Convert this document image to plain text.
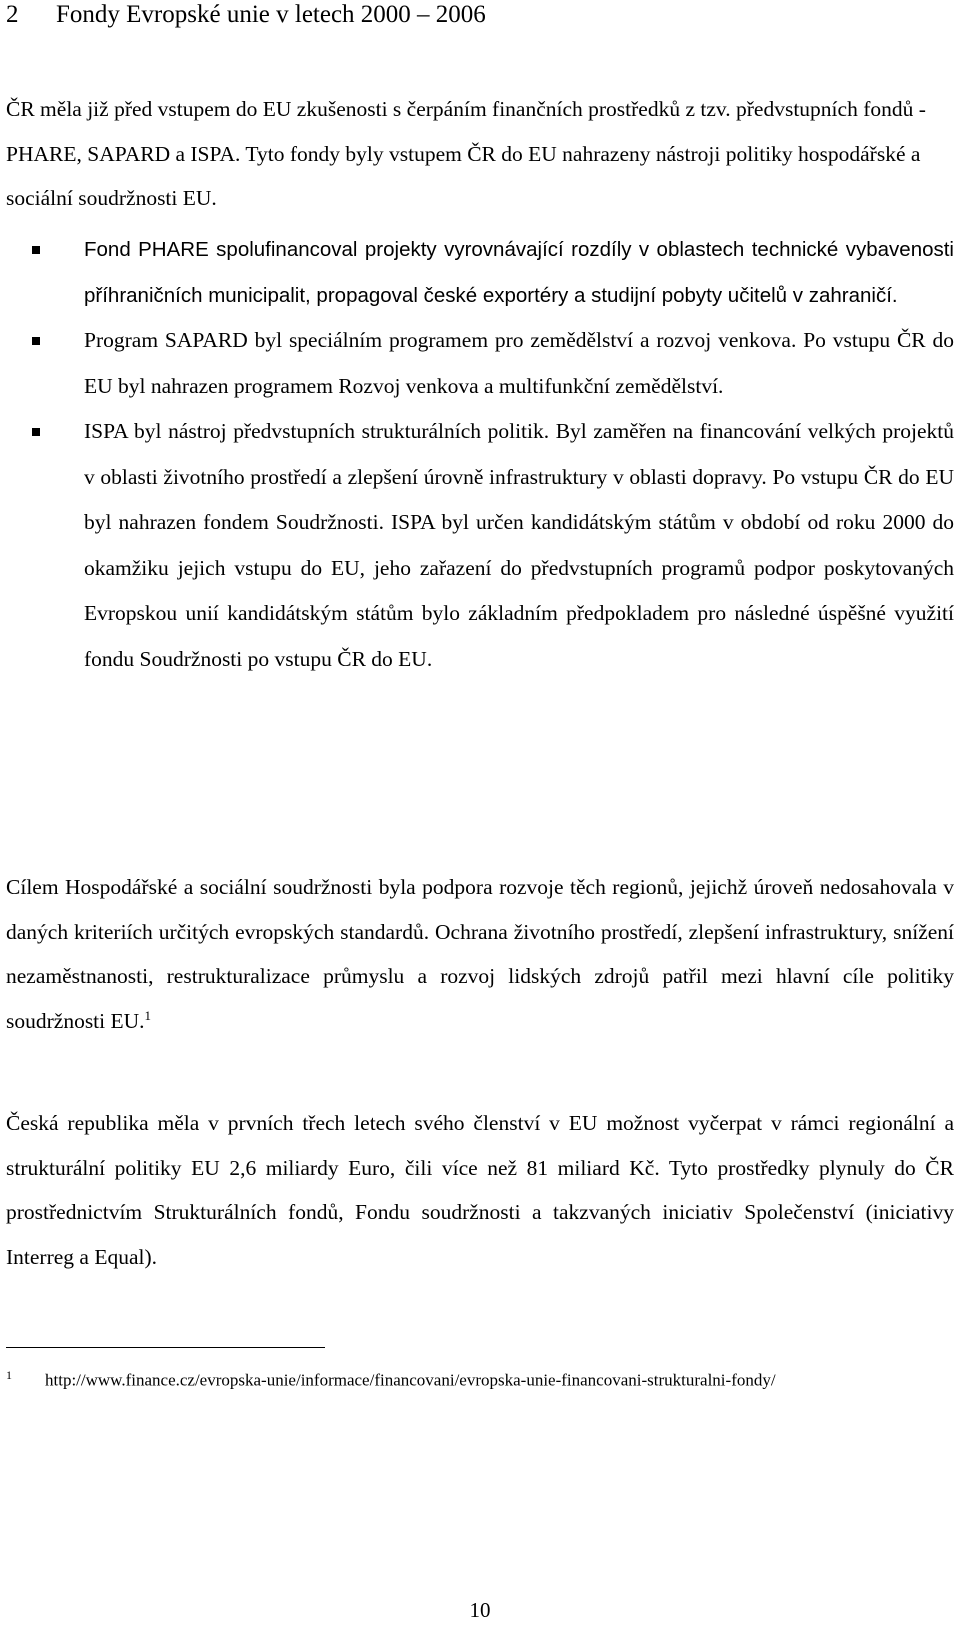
2 Fondy Evropské unie v letech 2000 – 2006

ČR měla již před vstupem do EU zkušenosti s čerpáním finančních prostředků z tzv. předvstupních fondů - PHARE, SAPARD a ISPA. Tyto fondy byly vstupem ČR do EU nahrazeny nástroji politiky hospodářské a sociální soudržnosti EU.

Fond PHARE spolufinancoval projekty vyrovnávající rozdíly v oblastech technické vybavenosti příhraničních municipalit, propagoval české exportéry a studijní pobyty učitelů v zahraničí.
Program SAPARD byl speciálním programem pro zemědělství a rozvoj venkova. Po vstupu ČR do EU byl nahrazen programem Rozvoj venkova a multifunkční zemědělství.
ISPA byl nástroj předvstupních strukturálních politik. Byl zaměřen na financování velkých projektů v oblasti životního prostředí a zlepšení úrovně infrastruktury v oblasti dopravy. Po vstupu ČR do EU byl nahrazen fondem Soudržnosti. ISPA byl určen kandidátským státům v období od roku 2000 do okamžiku jejich vstupu do EU, jeho zařazení do předvstupních programů podpor poskytovaných Evropskou unií kandidátským státům bylo základním předpokladem pro následné úspěšné využití fondu Soudržnosti po vstupu ČR do EU.

Cílem Hospodářské a sociální soudržnosti byla podpora rozvoje těch regionů, jejichž úroveň nedosahovala v daných kriteriích určitých evropských standardů. Ochrana životního prostředí, zlepšení infrastruktury, snížení nezaměstnanosti, restrukturalizace průmyslu a rozvoj lidských zdrojů patřil mezi hlavní cíle politiky soudržnosti EU.$^1$

Česká republika měla v prvních třech letech svého členství v EU možnost vyčerpat v rámci regionální a strukturální politiky EU 2,6 miliardy Euro, čili více než 81 miliard Kč. Tyto prostředky plynuly do ČR prostřednictvím Strukturálních fondů, Fondu soudržnosti a takzvaných iniciativ Společenství (iniciativy Interreg a Equal).

1 http://www.finance.cz/evropska-unie/informace/financovani/evropska-unie-financovani-strukturalni-fondy/
10
